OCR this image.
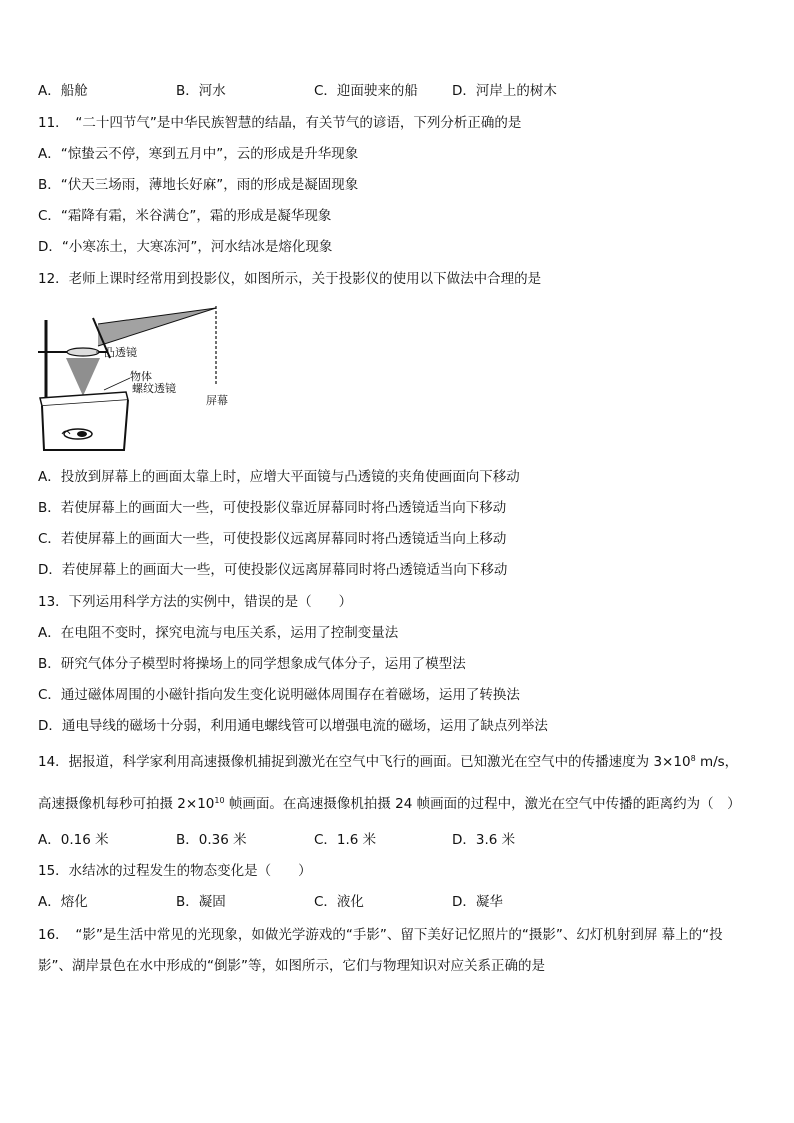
A．船舱	B．河水	C．迎面驶来的船	D．河岸上的树木
11．　“二十四节气”是中华民族智慧的结晶，有关节气的谚语，下列分析正确的是
A．“惊蛰云不停，寒到五月中”，云的形成是升华现象
B．“伏天三场雨，薄地长好麻”，雨的形成是凝固现象
C．“霜降有霜，米谷满仓”，霜的形成是凝华现象
D．“小寒冻土，大寒冻河”，河水结冰是熔化现象
12．老师上课时经常用到投影仪，如图所示，关于投影仪的使用以下做法中合理的是
凸透镜
物体
螺纹透镜
屏幕
A．投放到屏幕上的画面太靠上时，应增大平面镜与凸透镜的夹角使画面向下移动
B．若使屏幕上的画面大一些，可使投影仪靠近屏幕同时将凸透镜适当向下移动
C．若使屏幕上的画面大一些，可使投影仪远离屏幕同时将凸透镜适当向上移动
D．若使屏幕上的画面大一些，可使投影仪远离屏幕同时将凸透镜适当向下移动
13．下列运用科学方法的实例中，错误的是（　　）
A．在电阻不变时，探究电流与电压关系，运用了控制变量法
B．研究气体分子模型时将操场上的同学想象成气体分子，运用了模型法
C．通过磁体周围的小磁针指向发生变化说明磁体周围存在着磁场，运用了转换法
D．通电导线的磁场十分弱，利用通电螺线管可以增强电流的磁场，运用了缺点列举法
14．据报道，科学家利用高速摄像机捕捉到激光在空气中飞行的画面。已知激光在空气中的传播速度为 $3\times 10^8$ m/s，
高速摄像机每秒可拍摄 $2\times 10^{10}$ 帧画面。在高速摄像机拍摄 24 帧画面的过程中，激光在空气中传播的距离约为（　）
A．0.16 米	B．0.36 米	C．1.6 米	D．3.6 米
15．水结冰的过程发生的物态变化是（　　）
A．熔化	B．凝固	C．液化	D．凝华
16．　“影”是生活中常见的光现象，如做光学游戏的“手影”、留下美好记忆照片的“摄影”、幻灯机射到屏 幕上的“投
影”、湖岸景色在水中形成的“倒影”等，如图所示，它们与物理知识对应关系正确的是
